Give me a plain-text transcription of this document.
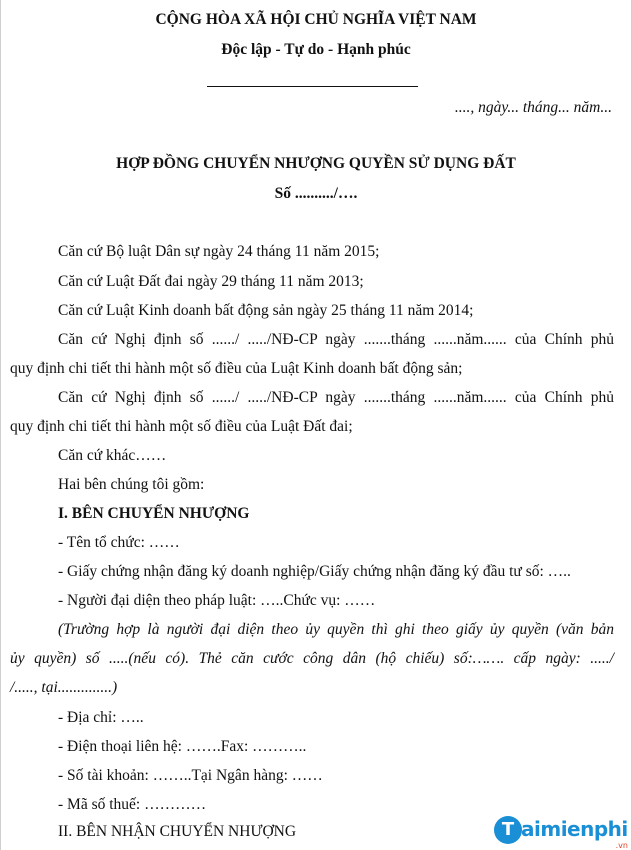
CỘNG HÒA XÃ HỘI CHỦ NGHĨA VIỆT NAM
Độc lập - Tự do - Hạnh phúc
...., ngày... tháng... năm...
HỢP ĐỒNG CHUYỂN NHƯỢNG QUYỀN SỬ DỤNG ĐẤT
Số ........../….
Căn cứ Bộ luật Dân sự ngày 24 tháng 11 năm 2015;
Căn cứ Luật Đất đai ngày 29 tháng 11 năm 2013;
Căn cứ Luật Kinh doanh bất động sản ngày 25 tháng 11 năm 2014;
Căn cứ Nghị định số ....../ ...../NĐ-CP ngày .......tháng ......năm...... của Chính phủ
quy định chi tiết thi hành một số điều của Luật Kinh doanh bất động sản;
Căn cứ Nghị định số ....../ ...../NĐ-CP ngày .......tháng ......năm...... của Chính phủ
quy định chi tiết thi hành một số điều của Luật Đất đai;
Căn cứ khác……
Hai bên chúng tôi gồm:
I. BÊN CHUYỂN NHƯỢNG
- Tên tổ chức: ……
- Giấy chứng nhận đăng ký doanh nghiệp/Giấy chứng nhận đăng ký đầu tư số: …..
- Người đại diện theo pháp luật: …..Chức vụ: ……
(Trường hợp là người đại diện theo ủy quyền thì ghi theo giấy ủy quyền (văn bản
ủy quyền) số .....(nếu có). Thẻ căn cước công dân (hộ chiếu) số:……. cấp ngày: ...../
/....., tại..............)
- Địa chỉ: …..
- Điện thoại liên hệ: …….Fax: ………..
- Số tài khoản: ……..Tại Ngân hàng: ……
- Mã số thuế: …………
II. BÊN NHẬN CHUYỂN NHƯỢNG	T aimienphi
.vn
